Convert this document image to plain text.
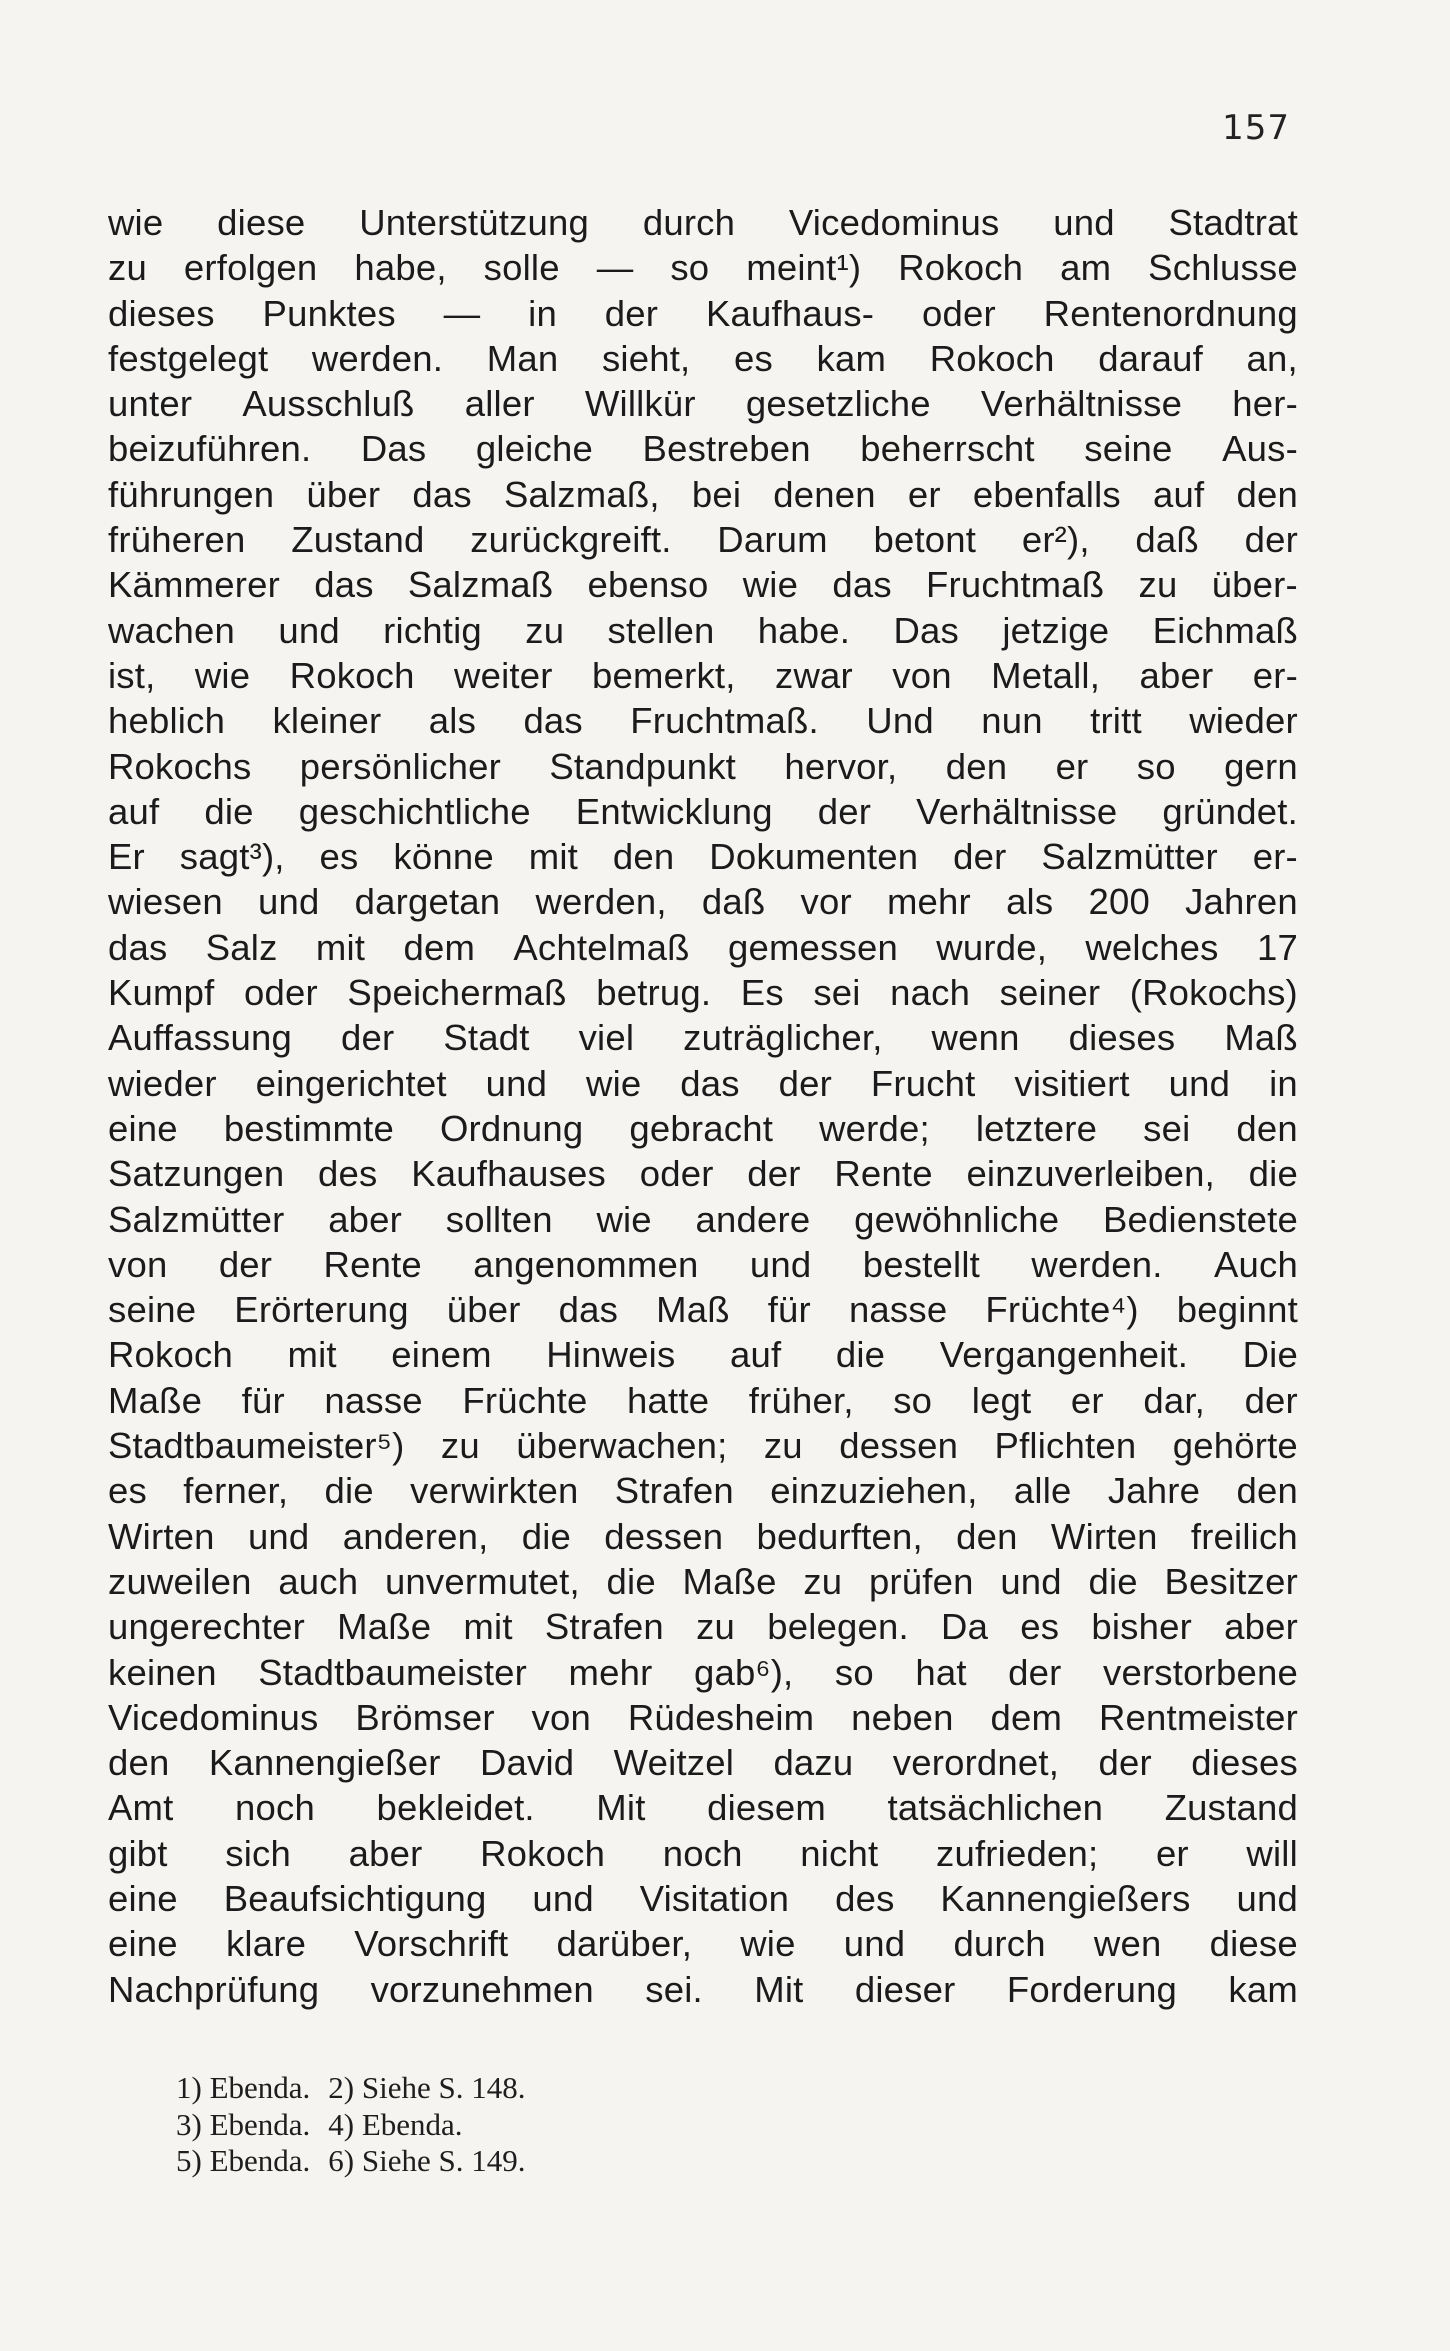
157
wie diese Unterstützung durch Vicedominus und Stadtrat
zu erfolgen habe, solle — so meint¹) Rokoch am Schlusse
dieses Punktes — in der Kaufhaus- oder Rentenordnung
festgelegt werden. Man sieht, es kam Rokoch darauf an,
unter Ausschluß aller Willkür gesetzliche Verhältnisse her-
beizuführen. Das gleiche Bestreben beherrscht seine Aus-
führungen über das Salzmaß, bei denen er ebenfalls auf den
früheren Zustand zurückgreift. Darum betont er²), daß der
Kämmerer das Salzmaß ebenso wie das Fruchtmaß zu über-
wachen und richtig zu stellen habe. Das jetzige Eichmaß
ist, wie Rokoch weiter bemerkt, zwar von Metall, aber er-
heblich kleiner als das Fruchtmaß. Und nun tritt wieder
Rokochs persönlicher Standpunkt hervor, den er so gern
auf die geschichtliche Entwicklung der Verhältnisse gründet.
Er sagt³), es könne mit den Dokumenten der Salzmütter er-
wiesen und dargetan werden, daß vor mehr als 200 Jahren
das Salz mit dem Achtelmaß gemessen wurde, welches 17
Kumpf oder Speichermaß betrug. Es sei nach seiner (Rokochs)
Auffassung der Stadt viel zuträglicher, wenn dieses Maß
wieder eingerichtet und wie das der Frucht visitiert und in
eine bestimmte Ordnung gebracht werde; letztere sei den
Satzungen des Kaufhauses oder der Rente einzuverleiben, die
Salzmütter aber sollten wie andere gewöhnliche Bedienstete
von der Rente angenommen und bestellt werden. Auch
seine Erörterung über das Maß für nasse Früchte⁴) beginnt
Rokoch mit einem Hinweis auf die Vergangenheit. Die
Maße für nasse Früchte hatte früher, so legt er dar, der
Stadtbaumeister⁵) zu überwachen; zu dessen Pflichten gehörte
es ferner, die verwirkten Strafen einzuziehen, alle Jahre den
Wirten und anderen, die dessen bedurften, den Wirten freilich
zuweilen auch unvermutet, die Maße zu prüfen und die Besitzer
ungerechter Maße mit Strafen zu belegen. Da es bisher aber
keinen Stadtbaumeister mehr gab⁶), so hat der verstorbene
Vicedominus Brömser von Rüdesheim neben dem Rentmeister
den Kannengießer David Weitzel dazu verordnet, der dieses
Amt noch bekleidet. Mit diesem tatsächlichen Zustand
gibt sich aber Rokoch noch nicht zufrieden; er will
eine Beaufsichtigung und Visitation des Kannengießers und
eine klare Vorschrift darüber, wie und durch wen diese
Nachprüfung vorzunehmen sei. Mit dieser Forderung kam
1) Ebenda. 2) Siehe S. 148.
3) Ebenda. 4) Ebenda.
5) Ebenda. 6) Siehe S. 149.
